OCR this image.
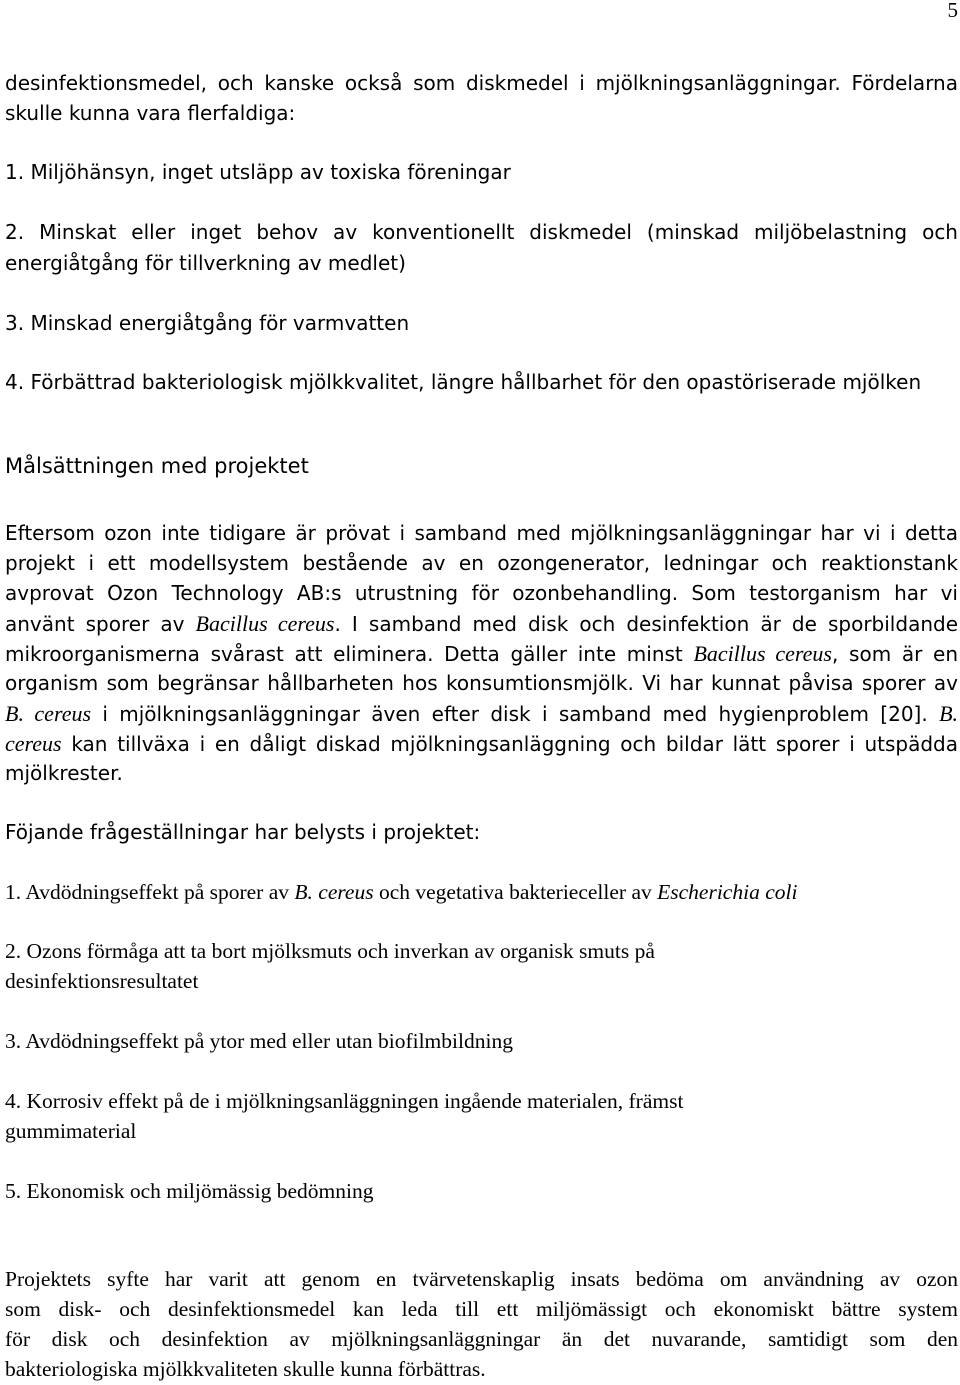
5
desinfektionsmedel, och kanske också som diskmedel i mjölkningsanläggningar. Fördelarna
skulle kunna vara flerfaldiga:
1. Miljöhänsyn, inget utsläpp av toxiska föreningar
2. Minskat eller inget behov av konventionellt diskmedel (minskad miljöbelastning och
energiåtgång för tillverkning av medlet)
3. Minskad energiåtgång för varmvatten
4. Förbättrad bakteriologisk mjölkkvalitet, längre hållbarhet för den opastöriserade mjölken
Målsättningen med projektet
Eftersom ozon inte tidigare är prövat i samband med mjölkningsanläggningar har vi i detta
projekt i ett modellsystem bestående av en ozongenerator, ledningar och reaktionstank
avprovat Ozon Technology AB:s utrustning för ozonbehandling. Som testorganism har vi
använt sporer av Bacillus cereus. I samband med disk och desinfektion är de sporbildande
mikroorganismerna svårast att eliminera. Detta gäller inte minst Bacillus cereus, som är en
organism som begränsar hållbarheten hos konsumtionsmjölk. Vi har kunnat påvisa sporer av
B. cereus i mjölkningsanläggningar även efter disk i samband med hygienproblem [20]. B.
cereus kan tillväxa i en dåligt diskad mjölkningsanläggning och bildar lätt sporer i utspädda
mjölkrester.
Föjande frågeställningar har belysts i projektet:
1. Avdödningseffekt på sporer av B. cereus och vegetativa bakterieceller av Escherichia coli
2. Ozons förmåga att ta bort mjölksmuts och inverkan av organisk smuts på
desinfektionsresultatet
3. Avdödningseffekt på ytor med eller utan biofilmbildning
4. Korrosiv effekt på de i mjölkningsanläggningen ingående materialen, främst
gummimaterial
5. Ekonomisk och miljömässig bedömning
Projektets syfte har varit att genom en tvärvetenskaplig insats bedöma om användning av ozon
som disk- och desinfektionsmedel kan leda till ett miljömässigt och ekonomiskt bättre system
för disk och desinfektion av mjölkningsanläggningar än det nuvarande, samtidigt som den
bakteriologiska mjölkkvaliteten skulle kunna förbättras.
